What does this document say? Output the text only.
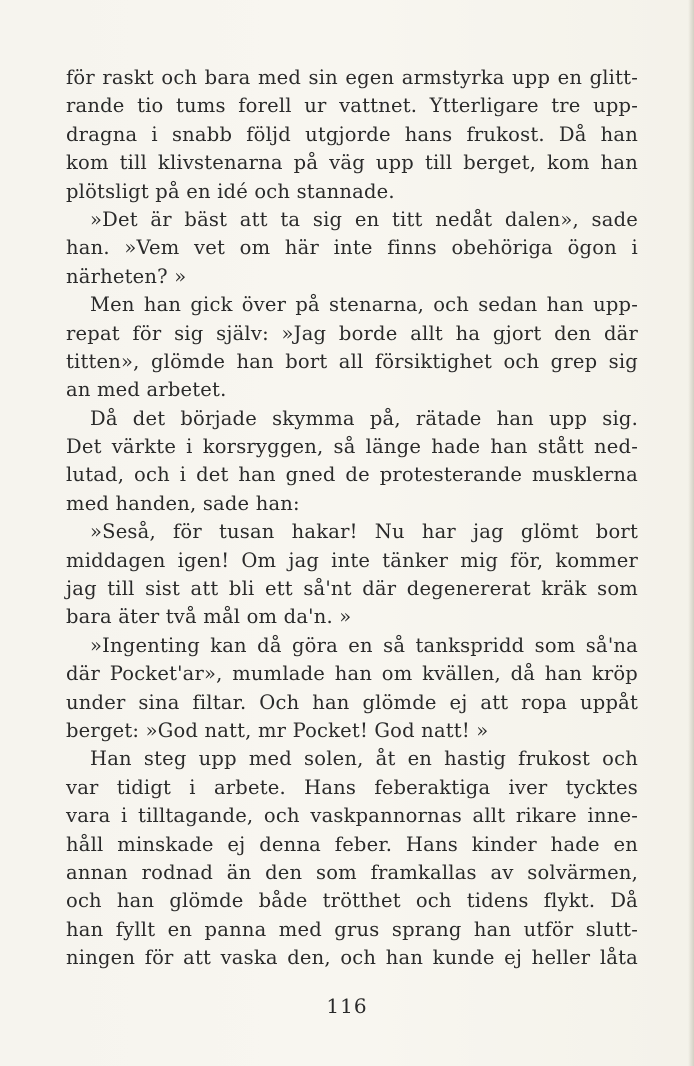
för raskt och bara med sin egen armstyrka upp en glitt-
rande tio tums forell ur vattnet. Ytterligare tre upp-
dragna i snabb följd utgjorde hans frukost. Då han
kom till klivstenarna på väg upp till berget, kom han
plötsligt på en idé och stannade.
»Det är bäst att ta sig en titt nedåt dalen», sade
han. »Vem vet om här inte finns obehöriga ögon i
närheten? »
Men han gick över på stenarna, och sedan han upp-
repat för sig själv: »Jag borde allt ha gjort den där
titten», glömde han bort all försiktighet och grep sig
an med arbetet.
Då det började skymma på, rätade han upp sig.
Det värkte i korsryggen, så länge hade han stått ned-
lutad, och i det han gned de protesterande musklerna
med handen, sade han:
»Seså, för tusan hakar! Nu har jag glömt bort
middagen igen! Om jag inte tänker mig för, kommer
jag till sist att bli ett så'nt där degenererat kräk som
bara äter två mål om da'n. »
»Ingenting kan då göra en så tankspridd som så'na
där Pocket'ar», mumlade han om kvällen, då han kröp
under sina filtar. Och han glömde ej att ropa uppåt
berget: »God natt, mr Pocket! God natt! »
Han steg upp med solen, åt en hastig frukost och
var tidigt i arbete. Hans feberaktiga iver tycktes
vara i tilltagande, och vaskpannornas allt rikare inne-
håll minskade ej denna feber. Hans kinder hade en
annan rodnad än den som framkallas av solvärmen,
och han glömde både trötthet och tidens flykt. Då
han fyllt en panna med grus sprang han utför slutt-
ningen för att vaska den, och han kunde ej heller låta
116
